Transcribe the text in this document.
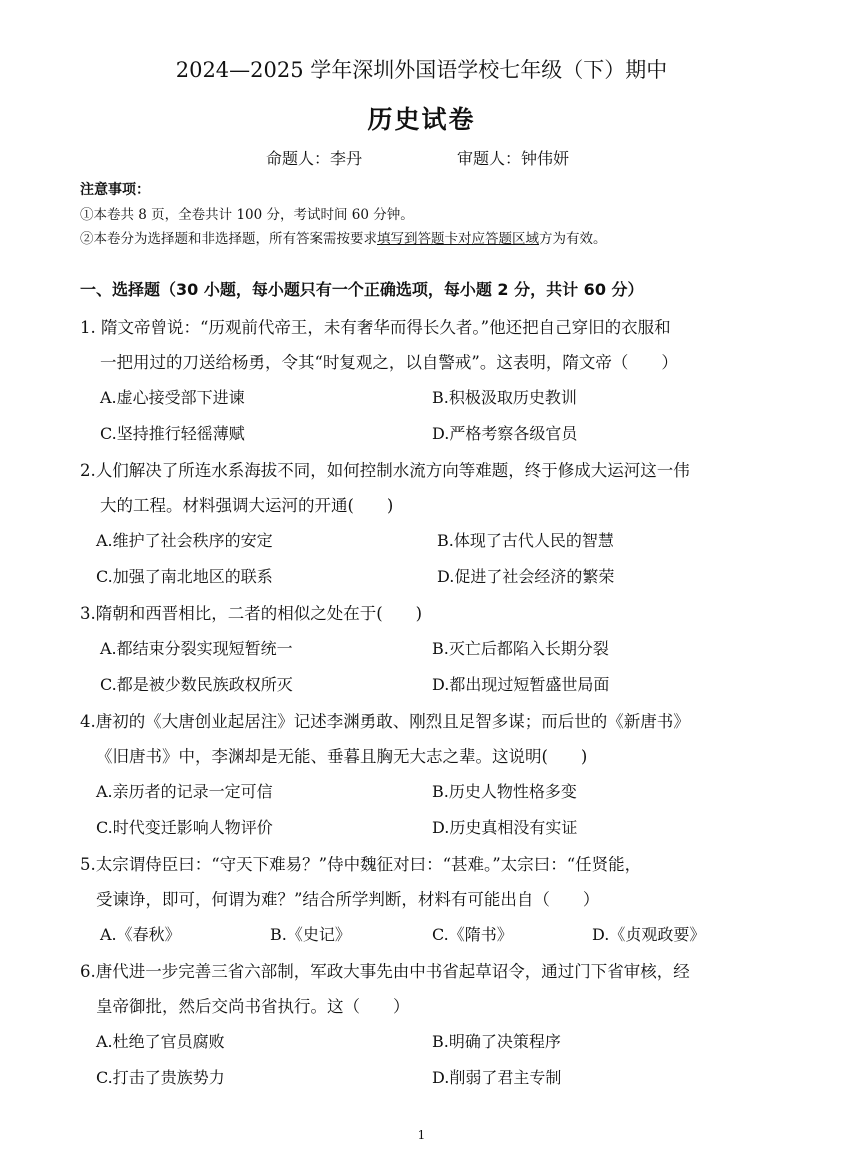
2024—2025 学年深圳外国语学校七年级（下）期中
历史试卷
命题人：李丹	审题人：钟伟妍
注意事项：
①本卷共 8 页，全卷共计 100 分，考试时间 60 分钟。
②本卷分为选择题和非选择题，所有答案需按要求填写到答题卡对应答题区域方为有效。
一、选择题（30 小题，每小题只有一个正确选项，每小题 2 分，共计 60 分）
1. 隋文帝曾说：“历观前代帝王，未有奢华而得长久者。”他还把自己穿旧的衣服和
一把用过的刀送给杨勇，令其“时复观之，以自警戒”。这表明，隋文帝（　　）
A.虚心接受部下进谏	B.积极汲取历史教训
C.坚持推行轻徭薄赋	D.严格考察各级官员
2.人们解决了所连水系海拔不同，如何控制水流方向等难题，终于修成大运河这一伟
大的工程。材料强调大运河的开通(　　)
A.维护了社会秩序的安定	B.体现了古代人民的智慧
C.加强了南北地区的联系	D.促进了社会经济的繁荣
3.隋朝和西晋相比，二者的相似之处在于(　　)
A.都结束分裂实现短暂统一	B.灭亡后都陷入长期分裂
C.都是被少数民族政权所灭	D.都出现过短暂盛世局面
4.唐初的《大唐创业起居注》记述李渊勇敢、刚烈且足智多谋；而后世的《新唐书》
《旧唐书》中，李渊却是无能、垂暮且胸无大志之辈。这说明(　　)
A.亲历者的记录一定可信	B.历史人物性格多变
C.时代变迁影响人物评价	D.历史真相没有实证
5.太宗谓侍臣曰：“守天下难易？”侍中魏征对曰：“甚难。”太宗曰：“任贤能，
受谏诤，即可，何谓为难？”结合所学判断，材料有可能出自（　　）
A.《春秋》	B.《史记》	C.《隋书》	D.《贞观政要》
6.唐代进一步完善三省六部制，军政大事先由中书省起草诏令，通过门下省审核，经
皇帝御批，然后交尚书省执行。这（　　）
A.杜绝了官员腐败	B.明确了决策程序
C.打击了贵族势力	D.削弱了君主专制
1
